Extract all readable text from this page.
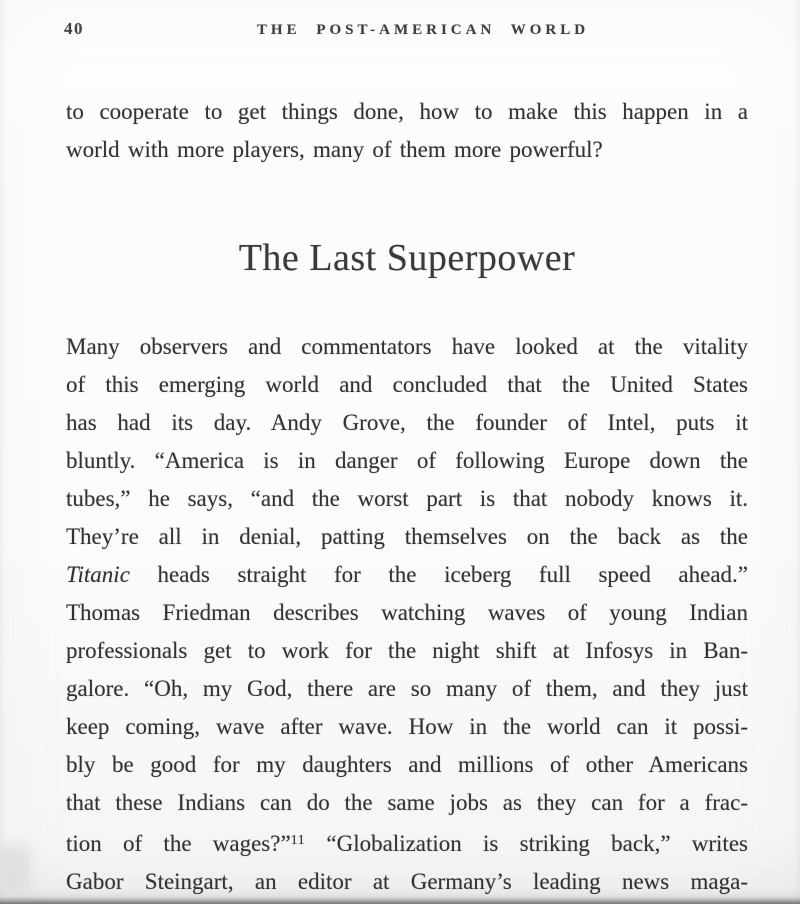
40	THE POST-AMERICAN WORLD
to cooperate to get things done, how to make this happen in a
world with more players, many of them more powerful?
The Last Superpower
Many observers and commentators have looked at the vitality
of this emerging world and concluded that the United States
has had its day. Andy Grove, the founder of Intel, puts it
bluntly. “America is in danger of following Europe down the
tubes,” he says, “and the worst part is that nobody knows it.
They’re all in denial, patting themselves on the back as the
Titanic heads straight for the iceberg full speed ahead.”
Thomas Friedman describes watching waves of young Indian
professionals get to work for the night shift at Infosys in Ban-
galore. “Oh, my God, there are so many of them, and they just
keep coming, wave after wave. How in the world can it possi-
bly be good for my daughters and millions of other Americans
that these Indians can do the same jobs as they can for a frac-
tion of the wages?”$^{11}$ “Globalization is striking back,” writes
Gabor Steingart, an editor at Germany’s leading news maga-
